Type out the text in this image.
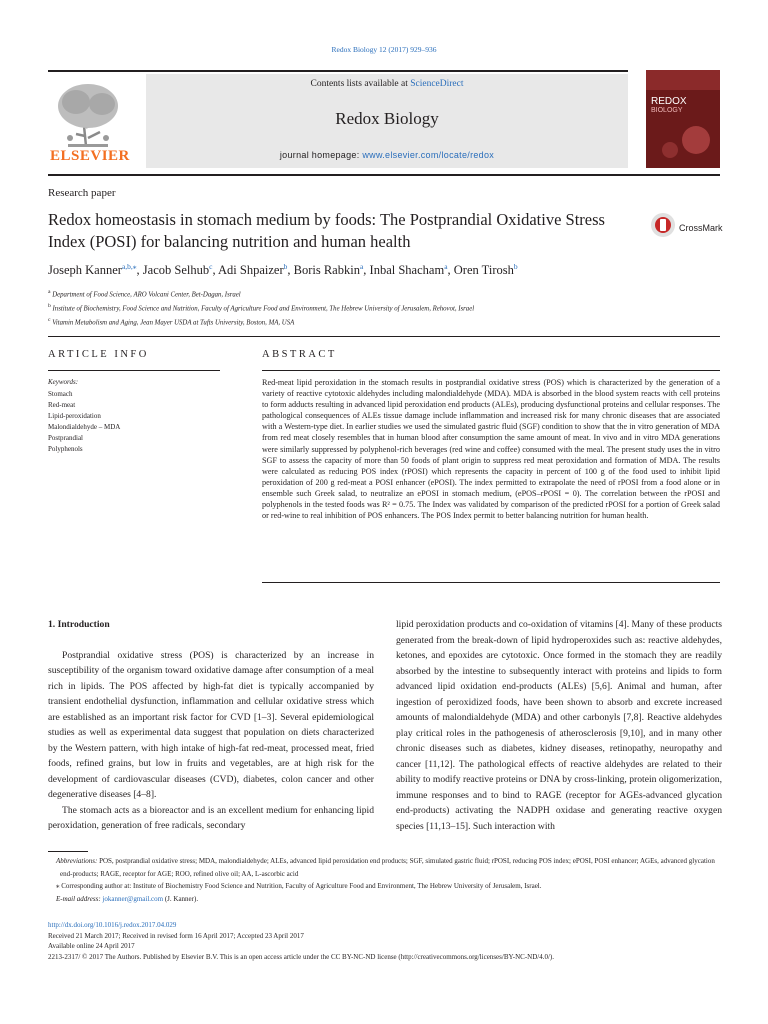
Redox Biology 12 (2017) 929–936
ELSEVIER
Contents lists available at ScienceDirect
Redox Biology
journal homepage: www.elsevier.com/locate/redox
REDOX
BIOLOGY
Research paper
Redox homeostasis in stomach medium by foods: The Postprandial Oxidative Stress Index (POSI) for balancing nutrition and human health
CrossMark
Joseph Kanner$^{a,b,⁎}$, Jacob Selhub$^c$, Adi Shpaizer$^b$, Boris Rabkin$^a$, Inbal Shacham$^a$, Oren Tirosh$^b$
$^a$ Department of Food Science, ARO Volcani Center, Bet-Dagan, Israel
$^b$ Institute of Biochemistry, Food Science and Nutrition, Faculty of Agriculture Food and Environment, The Hebrew University of Jerusalem, Rehovot, Israel
$^c$ Vitamin Metabolism and Aging, Jean Mayer USDA at Tufts University, Boston, MA, USA
ARTICLE INFO	ABSTRACT
Keywords:
Stomach
Red-meat
Lipid-peroxidation
Malondialdehyde – MDA
Postprandial
Polyphenols
Red-meat lipid peroxidation in the stomach results in postprandial oxidative stress (POS) which is characterized by the generation of a variety of reactive cytotoxic aldehydes including malondialdehyde (MDA). MDA is absorbed in the blood system reacts with cell proteins to form adducts resulting in advanced lipid peroxidation end products (ALEs), producing dysfunctional proteins and cellular responses. The pathological consequences of ALEs tissue damage include inflammation and increased risk for many chronic diseases that are associated with a Western-type diet. In earlier studies we used the simulated gastric fluid (SGF) condition to show that the in vitro generation of MDA from red meat closely resembles that in human blood after consumption the same amount of meat. In vivo and in vitro MDA generations were similarly suppressed by polyphenol-rich beverages (red wine and coffee) consumed with the meal. The present study uses the in vitro SGF to assess the capacity of more than 50 foods of plant origin to suppress red meat peroxidation and formation of MDA. The results were calculated as reducing POS index (rPOSI) which represents the capacity in percent of 100 g of the food used to inhibit lipid peroxidation of 200 g red-meat a POSI enhancer (ePOSI). The index permitted to extrapolate the need of rPOSI from a food alone or in ensemble such Greek salad, to neutralize an ePOSI in stomach medium, (ePOS–rPOSI = 0). The correlation between the rPOSI and polyphenols in the tested foods was R² = 0.75. The Index was validated by comparison of the predicted rPOSI for a portion of Greek salad or red-wine to real inhibition of POS enhancers. The POS Index permit to better balancing nutrition for human health.
1. Introduction

Postprandial oxidative stress (POS) is characterized by an increase in susceptibility of the organism toward oxidative damage after consumption of a meal rich in lipids. The POS affected by high-fat diet is typically accompanied by transient endothelial dysfunction, inflammation and cellular oxidative stress which are established as an important risk factor for CVD [1–3]. Several epidemiological studies as well as experimental data suggest that population on diets characterized by the Western pattern, with high intake of high-fat red-meat, processed meat, fried foods, refined grains, but low in fruits and vegetables, are at high risk for the development of cardiovascular diseases (CVD), diabetes, colon cancer and other degenerative diseases [4–8].

The stomach acts as a bioreactor and is an excellent medium for enhancing lipid peroxidation, generation of free radicals, secondary

lipid peroxidation products and co-oxidation of vitamins [4]. Many of these products generated from the break-down of lipid hydroperoxides such as: reactive aldehydes, ketones, and epoxides are cytotoxic. Once formed in the stomach they are readily absorbed by the intestine to subsequently interact with proteins and lipids to form advanced lipid oxidation end-products (ALEs) [5,6]. Animal and human, after ingestion of peroxidized foods, have been shown to absorb and excrete increased amounts of malondialdehyde (MDA) and other carbonyls [7,8]. Reactive aldehydes play critical roles in the pathogenesis of atherosclerosis [9,10], and in many other chronic diseases such as diabetes, kidney diseases, retinopathy, neuropathy and cancer [11,12]. The pathological effects of reactive aldehydes are related to their ability to modify reactive proteins or DNA by cross-linking, protein oligomerization, immune responses and to bind to RAGE (receptor for AGEs-advanced glycation end-products) activating the NADPH oxidase and generating reactive oxygen species [11,13–15]. Such interaction with

Abbreviations: POS, postprandial oxidative stress; MDA, malondialdehyde; ALEs, advanced lipid peroxidation end products; SGF, simulated gastric fluid; rPOSI, reducing POS index; ePOSI, POSI enhancer; AGEs, advanced glycation end-products; RAGE, receptor for AGE; ROO, refined olive oil; AA, L-ascorbic acid
⁎ Corresponding author at: Institute of Biochemistry Food Science and Nutrition, Faculty of Agriculture Food and Environment, The Hebrew University of Jerusalem, Israel.
E-mail address: jokanner@gmail.com (J. Kanner).
http://dx.doi.org/10.1016/j.redox.2017.04.029
Received 21 March 2017; Received in revised form 16 April 2017; Accepted 23 April 2017
Available online 24 April 2017
2213-2317/ © 2017 The Authors. Published by Elsevier B.V. This is an open access article under the CC BY-NC-ND license (http://creativecommons.org/licenses/BY-NC-ND/4.0/).
